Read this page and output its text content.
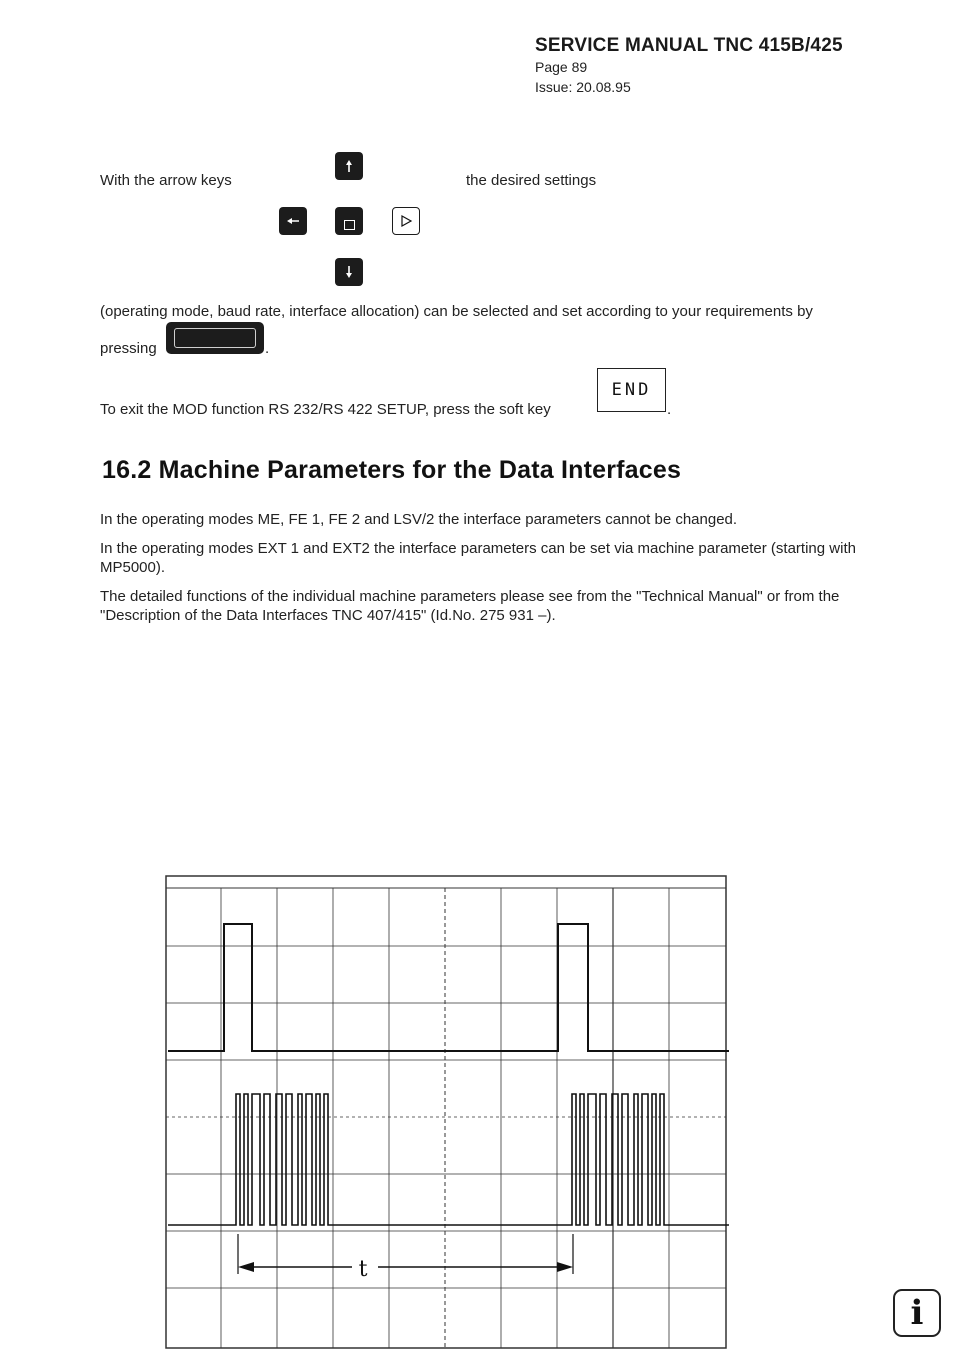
SERVICE MANUAL TNC 415B/425
Page 89
Issue: 20.08.95
With the arrow keys	the desired settings
(operating mode, baud rate, interface allocation) can be selected and set according to your requirements by
pressing	.
To exit the MOD function RS 232/RS 422 SETUP, press the soft key
END
.
16.2 Machine Parameters for the Data Interfaces
In the operating modes ME, FE 1, FE 2 and LSV/2 the interface parameters cannot be changed.
In the operating modes EXT 1 and EXT2 the interface parameters can be set via machine parameter (starting with MP5000).
The detailed functions of the individual machine parameters please see from the "Technical Manual" or from the "Description of the Data Interfaces TNC 407/415" (Id.No. 275 931 –).
t
i
